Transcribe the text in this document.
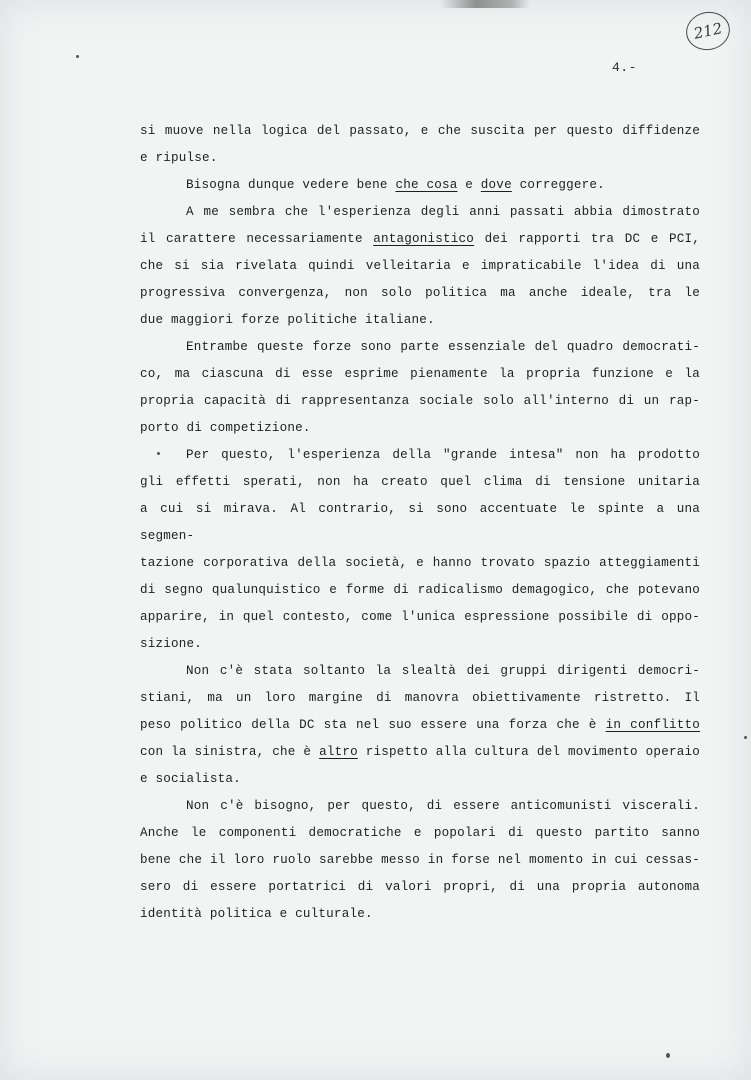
212
4.-
si muove nella logica del passato, e che suscita per questo diffidenze
e ripulse.
Bisogna dunque vedere bene che cosa e dove correggere.
A me sembra che l'esperienza degli anni passati abbia dimostrato
il carattere necessariamente antagonistico dei rapporti tra DC e PCI,
che si sia rivelata quindi velleitaria e impraticabile l'idea di una
progressiva convergenza, non solo politica ma anche ideale, tra le
due maggiori forze politiche italiane.
Entrambe queste forze sono parte essenziale del quadro democrati-
co, ma ciascuna di esse esprime pienamente la propria funzione e la
propria capacità di rappresentanza sociale solo all'interno di un rap-
porto di competizione.
Per questo, l'esperienza della "grande intesa" non ha prodotto
gli effetti sperati, non ha creato quel clima di tensione unitaria
a cui si mirava. Al contrario, si sono accentuate le spinte a una segmen-
tazione corporativa della società, e hanno trovato spazio atteggiamenti
di segno qualunquistico e forme di radicalismo demagogico, che potevano
apparire, in quel contesto, come l'unica espressione possibile di oppo-
sizione.
Non c'è stata soltanto la slealtà dei gruppi dirigenti democri-
stiani, ma un loro margine di manovra obiettivamente ristretto. Il
peso politico della DC sta nel suo essere una forza che è in conflitto
con la sinistra, che è altro rispetto alla cultura del movimento operaio
e socialista.
Non c'è bisogno, per questo, di essere anticomunisti viscerali.
Anche le componenti democratiche e popolari di questo partito sanno
bene che il loro ruolo sarebbe messo in forse nel momento in cui cessas-
sero di essere portatrici di valori propri, di una propria autonoma
identità politica e culturale.
